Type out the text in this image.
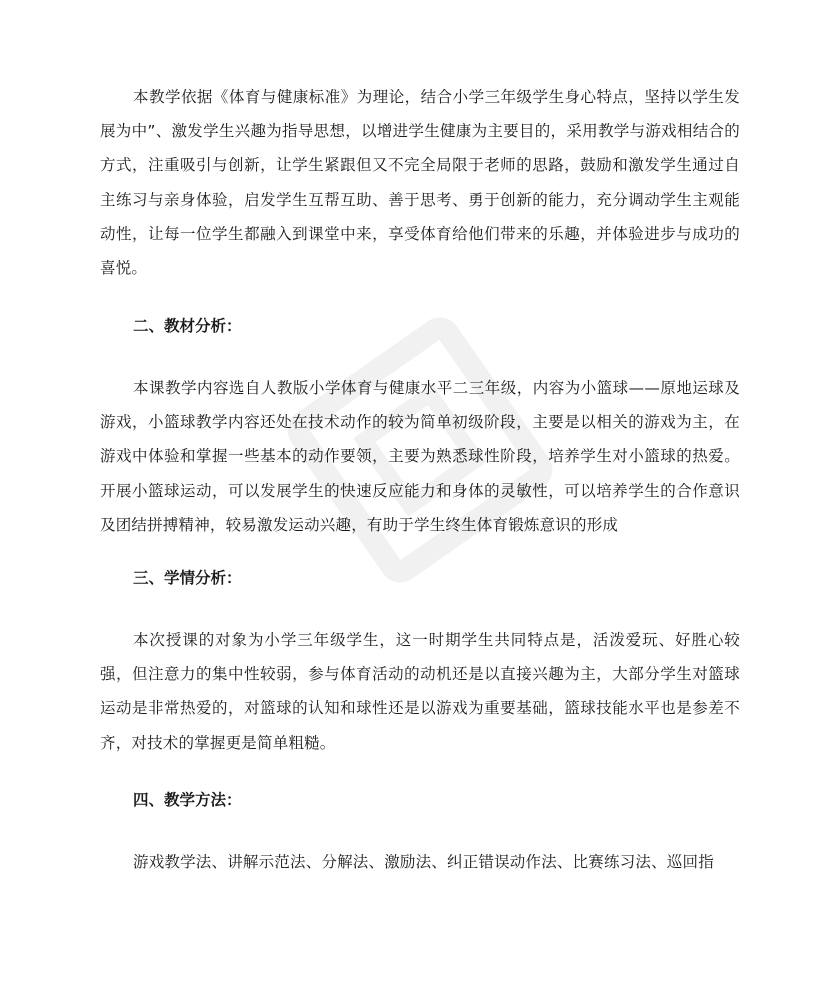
本教学依据《体育与健康标准》为理论，结合小学三年级学生身心特点，坚持以学生发展为中”、激发学生兴趣为指导思想，以增进学生健康为主要目的，采用教学与游戏相结合的方式，注重吸引与创新，让学生紧跟但又不完全局限于老师的思路，鼓励和激发学生通过自主练习与亲身体验，启发学生互帮互助、善于思考、勇于创新的能力，充分调动学生主观能动性，让每一位学生都融入到课堂中来，享受体育给他们带来的乐趣，并体验进步与成功的喜悦。

二、教材分析：

本课教学内容选自人教版小学体育与健康水平二三年级，内容为小篮球——原地运球及游戏，小篮球教学内容还处在技术动作的较为简单初级阶段，主要是以相关的游戏为主，在游戏中体验和掌握一些基本的动作要领，主要为熟悉球性阶段，培养学生对小篮球的热爱。开展小篮球运动，可以发展学生的快速反应能力和身体的灵敏性，可以培养学生的合作意识及团结拼搏精神，较易激发运动兴趣，有助于学生终生体育锻炼意识的形成

三、学情分析：

本次授课的对象为小学三年级学生，这一时期学生共同特点是，活泼爱玩、好胜心较强，但注意力的集中性较弱，参与体育活动的动机还是以直接兴趣为主，大部分学生对篮球运动是非常热爱的，对篮球的认知和球性还是以游戏为重要基础，篮球技能水平也是参差不齐，对技术的掌握更是简单粗糙。

四、教学方法：

游戏教学法、讲解示范法、分解法、激励法、纠正错误动作法、比赛练习法、巡回指
